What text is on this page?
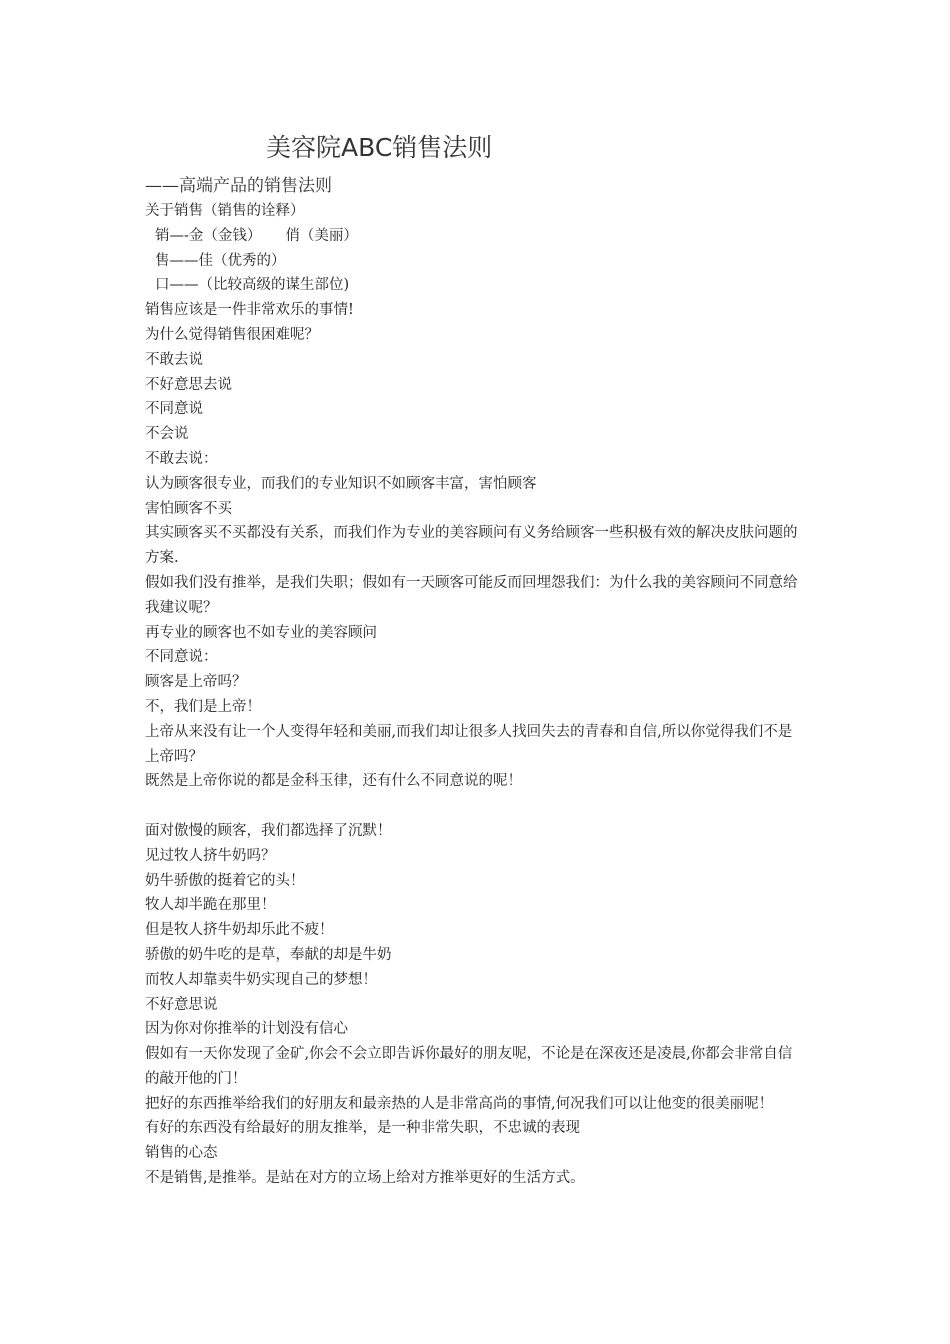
美容院ABC销售法则
——高端产品的销售法则
关于销售（销售的诠释）
销—-金（金钱） 俏（美丽）
售——佳（优秀的）
口——（比较高级的谋生部位)
销售应该是一件非常欢乐的事情!
为什么觉得销售很困难呢？
不敢去说
不好意思去说
不同意说
不会说
不敢去说：
认为顾客很专业，而我们的专业知识不如顾客丰富，害怕顾客
害怕顾客不买

其实顾客买不买都没有关系，而我们作为专业的美容顾问有义务给顾客一些积极有效的解决皮肤问题的方案.

假如我们没有推举，是我们失职；假如有一天顾客可能反而回埋怨我们：为什么我的美容顾问不同意给我建议呢？

再专业的顾客也不如专业的美容顾问
不同意说：
顾客是上帝吗？
不，我们是上帝！

上帝从来没有让一个人变得年轻和美丽,而我们却让很多人找回失去的青春和自信,所以你觉得我们不是上帝吗？

既然是上帝你说的都是金科玉律，还有什么不同意说的呢！
面对傲慢的顾客，我们都选择了沉默！
见过牧人挤牛奶吗？
奶牛骄傲的挺着它的头！
牧人却半跪在那里！
但是牧人挤牛奶却乐此不疲！
骄傲的奶牛吃的是草，奉献的却是牛奶
而牧人却靠卖牛奶实现自己的梦想！
不好意思说
因为你对你推举的计划没有信心

假如有一天你发现了金矿,你会不会立即告诉你最好的朋友呢，不论是在深夜还是凌晨,你都会非常自信的敲开他的门！

把好的东西推举给我们的好朋友和最亲热的人是非常高尚的事情,何况我们可以让他变的很美丽呢！

有好的东西没有给最好的朋友推举，是一种非常失职，不忠诚的表现
销售的心态
不是销售,是推举。是站在对方的立场上给对方推举更好的生活方式。
